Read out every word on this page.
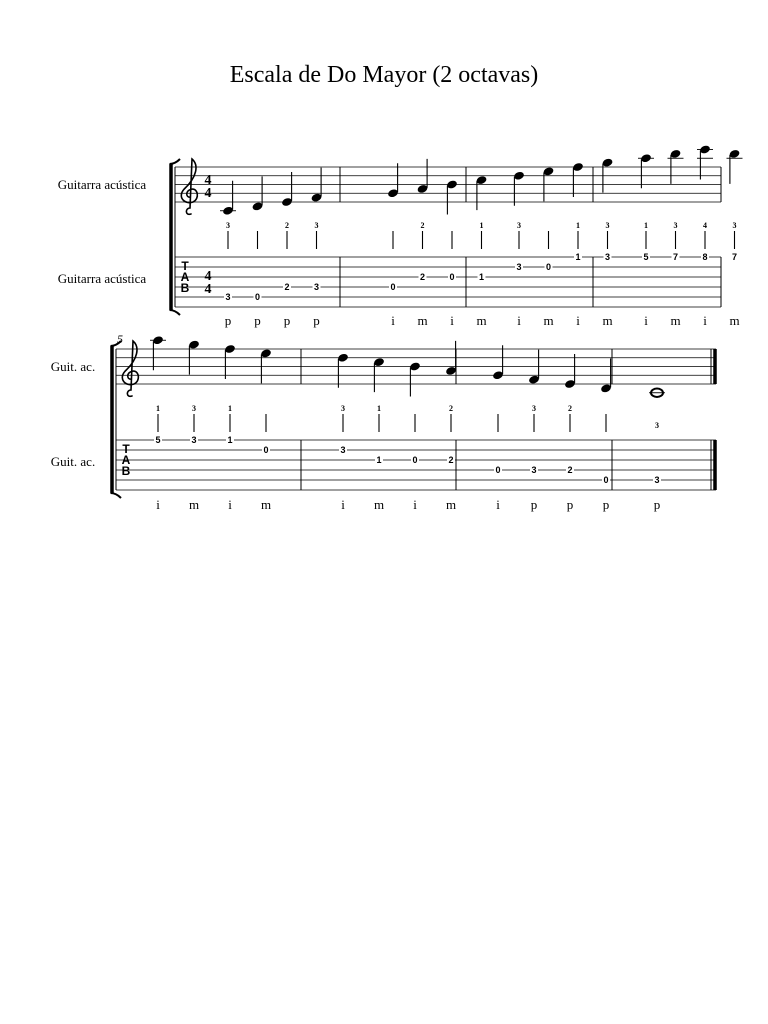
Escala de Do Mayor (2 octavas)
Guitarra acústica
Guitarra acústica
T
A
B
4
4
4
4
3
3
p
0
p
2
2
p
3
3
p
0
i
2
2
m
0
i
1
1
m
3
3
i
0
m
1
1
i
3
3
m
1
5
i
3
7
m
4
8
i
3
7
m
Guit. ac.
Guit. ac.
5
T
A
B
1
5
i
3
3
m
1
1
i
0
m
3
3
i
1
1
m
0
i
2
2
m
0
i
3
3
p
2
2
p
0
p
3
3
p
